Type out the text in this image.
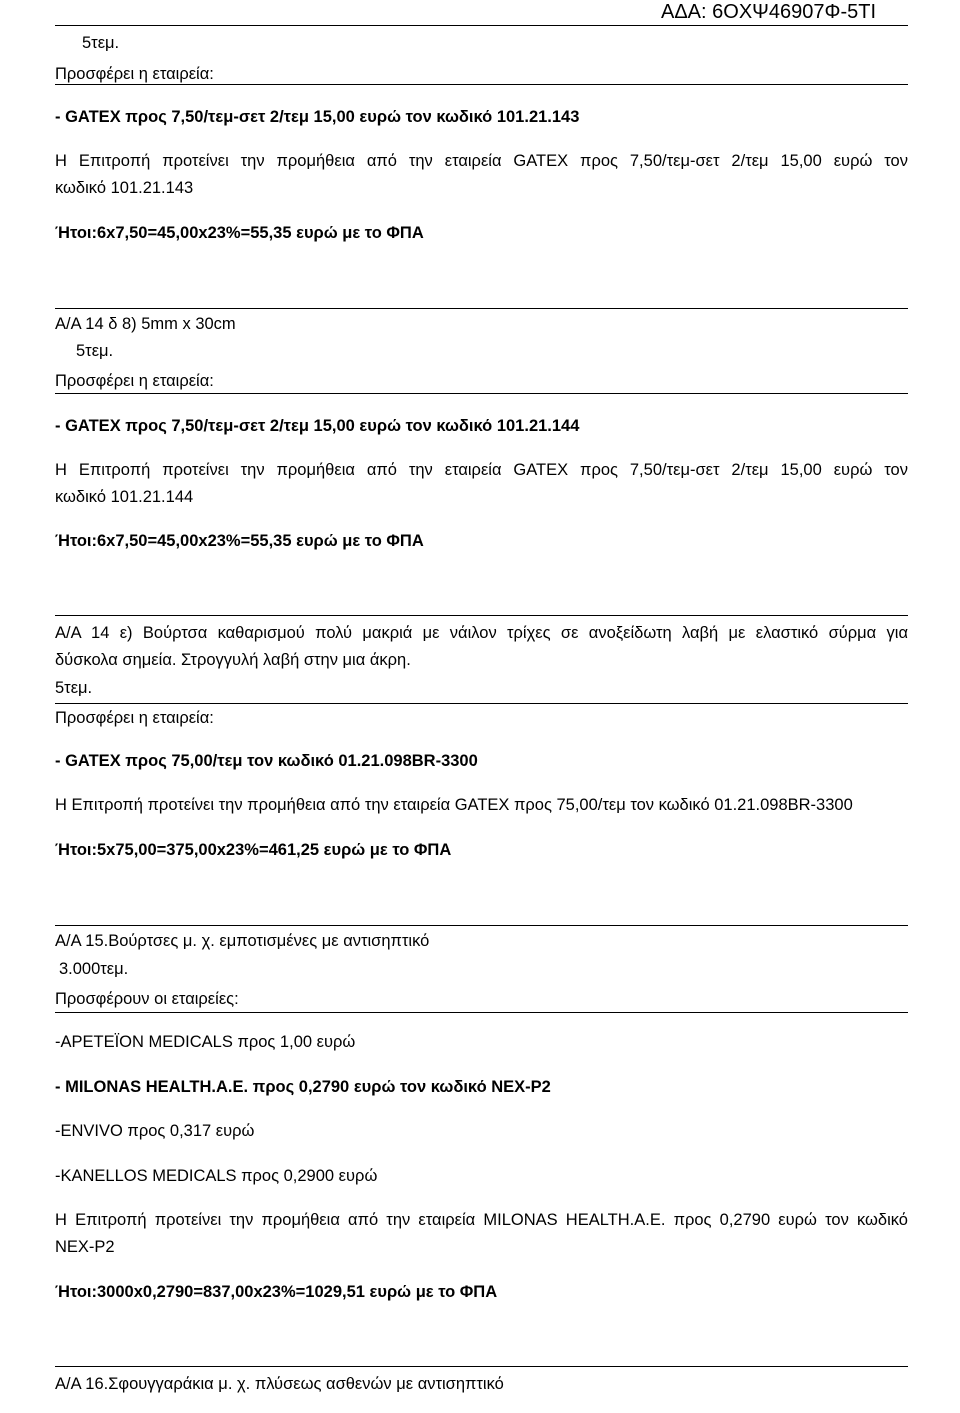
ΑΔΑ: 6ΟΧΨ46907Φ-5ΤΙ
5τεμ.
Προσφέρει η εταιρεία:
- GATEX προς 7,50/τεμ-σετ 2/τεμ 15,00 ευρώ τον κωδικό 101.21.143
Η Επιτροπή προτείνει την προμήθεια από την εταιρεία GATEX προς 7,50/τεμ-σετ 2/τεμ 15,00 ευρώ τον
κωδικό 101.21.143
Ήτοι:6x7,50=45,00x23%=55,35 ευρώ με το ΦΠΑ
Α/Α 14 δ 8) 5mm x 30cm
5τεμ.
Προσφέρει η εταιρεία:
- GATEX προς 7,50/τεμ-σετ 2/τεμ 15,00 ευρώ τον κωδικό 101.21.144
Η Επιτροπή προτείνει την προμήθεια από την εταιρεία GATEX προς 7,50/τεμ-σετ 2/τεμ 15,00 ευρώ τον
κωδικό 101.21.144
Ήτοι:6x7,50=45,00x23%=55,35 ευρώ με το ΦΠΑ
Α/Α 14 ε) Βούρτσα καθαρισμού πολύ μακριά με νάιλον τρίχες σε ανοξείδωτη λαβή με ελαστικό σύρμα για
δύσκολα σημεία. Στρογγυλή λαβή στην μια άκρη.
5τεμ.
Προσφέρει η εταιρεία:
- GATEX προς 75,00/τεμ τον κωδικό 01.21.098BR-3300
Η Επιτροπή προτείνει την προμήθεια από την εταιρεία GATEX προς 75,00/τεμ τον κωδικό 01.21.098BR-3300
Ήτοι:5x75,00=375,00x23%=461,25 ευρώ με το ΦΠΑ
Α/Α 15.Βούρτσες μ. χ. εμποτισμένες με αντισηπτικό
3.000τεμ.
Προσφέρουν οι εταιρείες:
-ΑΡΕΤΕΪΟΝ MEDICALS προς 1,00 ευρώ
- MILONAS HEALTH.A.E. προς 0,2790 ευρώ τον κωδικό NEX-P2
-ENVIVO προς 0,317 ευρώ
-KANELLOS MEDICALS προς 0,2900 ευρώ
Η Επιτροπή προτείνει την προμήθεια από την εταιρεία MILONAS HEALTH.A.E. προς 0,2790 ευρώ τον κωδικό
NEX-P2
Ήτοι:3000x0,2790=837,00x23%=1029,51 ευρώ με το ΦΠΑ
Α/Α 16.Σφουγγαράκια μ. χ. πλύσεως ασθενών με αντισηπτικό
